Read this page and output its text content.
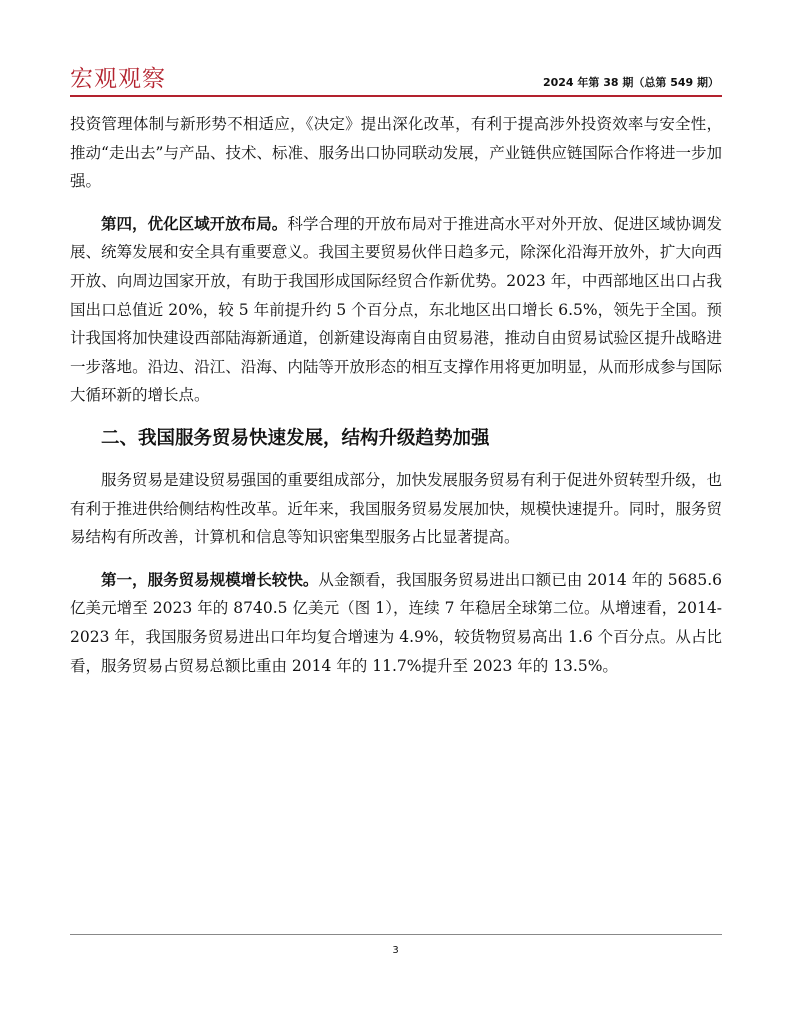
宏观观察	2024 年第 38 期（总第 549 期）

投资管理体制与新形势不相适应，《决定》提出深化改革，有利于提高涉外投资效率与安全性，推动“走出去”与产品、技术、标准、服务出口协同联动发展，产业链供应链国际合作将进一步加强。

第四，优化区域开放布局。科学合理的开放布局对于推进高水平对外开放、促进区域协调发展、统筹发展和安全具有重要意义。我国主要贸易伙伴日趋多元，除深化沿海开放外，扩大向西开放、向周边国家开放，有助于我国形成国际经贸合作新优势。2023 年，中西部地区出口占我国出口总值近 20%，较 5 年前提升约 5 个百分点，东北地区出口增长 6.5%，领先于全国。预计我国将加快建设西部陆海新通道，创新建设海南自由贸易港，推动自由贸易试验区提升战略进一步落地。沿边、沿江、沿海、内陆等开放形态的相互支撑作用将更加明显，从而形成参与国际大循环新的增长点。

二、我国服务贸易快速发展，结构升级趋势加强

服务贸易是建设贸易强国的重要组成部分，加快发展服务贸易有利于促进外贸转型升级，也有利于推进供给侧结构性改革。近年来，我国服务贸易发展加快，规模快速提升。同时，服务贸易结构有所改善，计算机和信息等知识密集型服务占比显著提高。

第一，服务贸易规模增长较快。从金额看，我国服务贸易进出口额已由 2014 年的 5685.6 亿美元增至 2023 年的 8740.5 亿美元（图 1），连续 7 年稳居全球第二位。从增速看，2014-2023 年，我国服务贸易进出口年均复合增速为 4.9%，较货物贸易高出 1.6 个百分点。从占比看，服务贸易占贸易总额比重由 2014 年的 11.7%提升至 2023 年的 13.5%。

3
